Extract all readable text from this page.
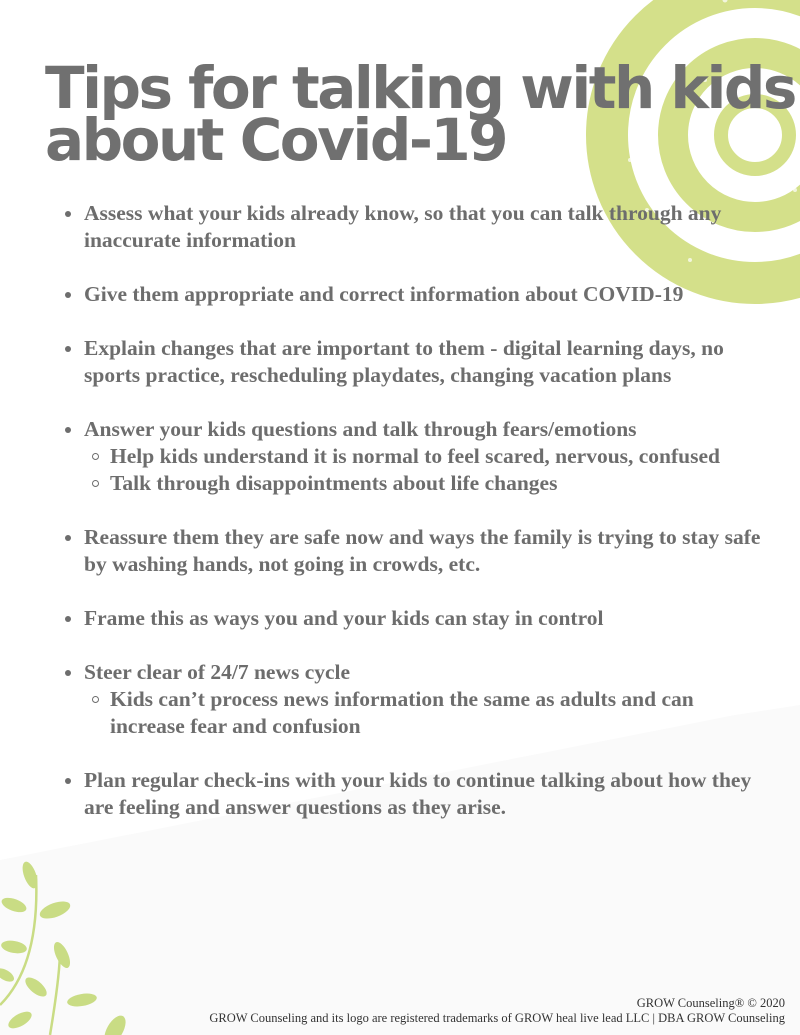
Tips for talking with kids
about Covid-19
Assess what your kids already know, so that you can talk through any inaccurate information
Give them appropriate and correct information about COVID-19
Explain changes that are important to them - digital learning days, no sports practice, rescheduling playdates, changing vacation plans
Answer your kids questions and talk through fears/emotions
Help kids understand it is normal to feel scared, nervous, confused
Talk through disappointments about life changes
Reassure them they are safe now and ways the family is trying to stay safe by washing hands, not going in crowds, etc.
Frame this as ways you and your kids can stay in control
Steer clear of 24/7 news cycle
Kids can’t process news information the same as adults and can increase fear and confusion
Plan regular check-ins with your kids to continue talking about how they are feeling and answer questions as they arise.
GROW Counseling® © 2020
GROW Counseling and its logo are registered trademarks of GROW heal live lead LLC | DBA GROW Counseling
